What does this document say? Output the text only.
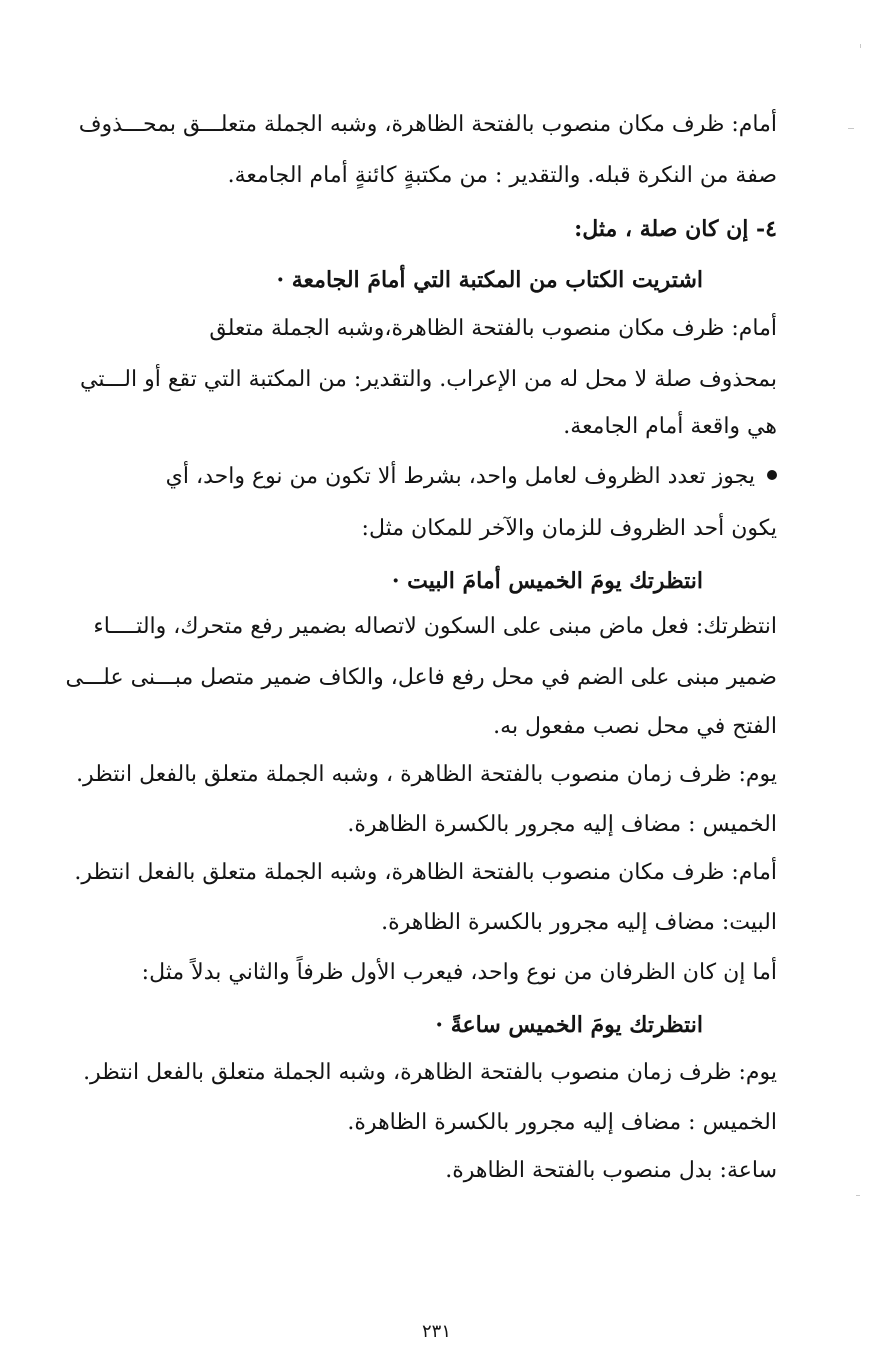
أمام: ظرف مكان منصوب بالفتحة الظاهرة، وشبه الجملة متعلـــق بمحـــذوف
صفة من النكرة قبله. والتقدير : من مكتبةٍ كائنةٍ أمام الجامعة.
٤- إن كان صلة ، مثل:
اشتريت الكتاب من المكتبة التي أمامَ الجامعة ·
أمام: ظرف مكان منصوب بالفتحة الظاهرة،وشبه الجملة متعلق
بمحذوف صلة لا محل له من الإعراب. والتقدير: من المكتبة التي تقع أو الـــتي
هي واقعة أمام الجامعة.
يجوز تعدد الظروف لعامل واحد، بشرط ألا تكون من نوع واحد، أي
يكون أحد الظروف للزمان والآخر للمكان مثل:
انتظرتك يومَ الخميس أمامَ البيت ·
انتظرتك: فعل ماض مبنى على السكون لاتصاله بضمير رفع متحرك، والتــــاء
ضمير مبنى على الضم في محل رفع فاعل، والكاف ضمير متصل مبـــنى علـــى
الفتح في محل نصب مفعول به.
يوم: ظرف زمان منصوب بالفتحة الظاهرة ، وشبه الجملة متعلق بالفعل انتظر.
الخميس : مضاف إليه مجرور بالكسرة الظاهرة.
أمام: ظرف مكان منصوب بالفتحة الظاهرة، وشبه الجملة متعلق بالفعل انتظر.
البيت: مضاف إليه مجرور بالكسرة الظاهرة.
أما إن كان الظرفان من نوع واحد، فيعرب الأول ظرفاً والثاني بدلاً مثل:
انتظرتك يومَ الخميس ساعةً ·
يوم: ظرف زمان منصوب بالفتحة الظاهرة، وشبه الجملة متعلق بالفعل انتظر.
الخميس : مضاف إليه مجرور بالكسرة الظاهرة.
ساعة: بدل منصوب بالفتحة الظاهرة.
٢٣١
